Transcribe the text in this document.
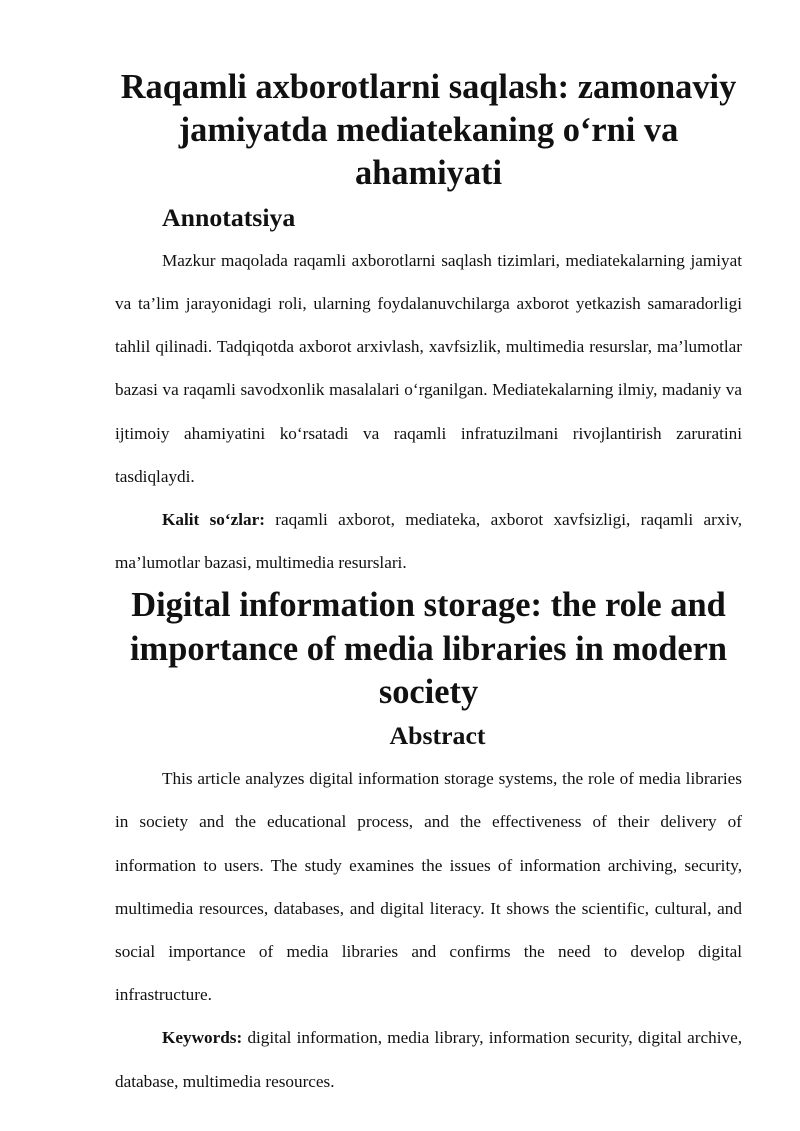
Raqamli axborotlarni saqlash: zamonaviy jamiyatda mediatekaning o‘rni va ahamiyati
Annotatsiya

Mazkur maqolada raqamli axborotlarni saqlash tizimlari, mediatekalarning jamiyat va ta’lim jarayonidagi roli, ularning foydalanuvchilarga axborot yetkazish samaradorligi tahlil qilinadi. Tadqiqotda axborot arxivlash, xavfsizlik, multimedia resurslar, ma’lumotlar bazasi va raqamli savodxonlik masalalari o‘rganilgan. Mediatekalarning ilmiy, madaniy va ijtimoiy ahamiyatini ko‘rsatadi va raqamli infratuzilmani rivojlantirish zaruratini tasdiqlaydi.

Kalit so‘zlar: raqamli axborot, mediateka, axborot xavfsizligi, raqamli arxiv, ma’lumotlar bazasi, multimedia resurslari.

Digital information storage: the role and importance of media libraries in modern society
Abstract

This article analyzes digital information storage systems, the role of media libraries in society and the educational process, and the effectiveness of their delivery of information to users. The study examines the issues of information archiving, security, multimedia resources, databases, and digital literacy. It shows the scientific, cultural, and social importance of media libraries and confirms the need to develop digital infrastructure.

Keywords: digital information, media library, information security, digital archive, database, multimedia resources.
